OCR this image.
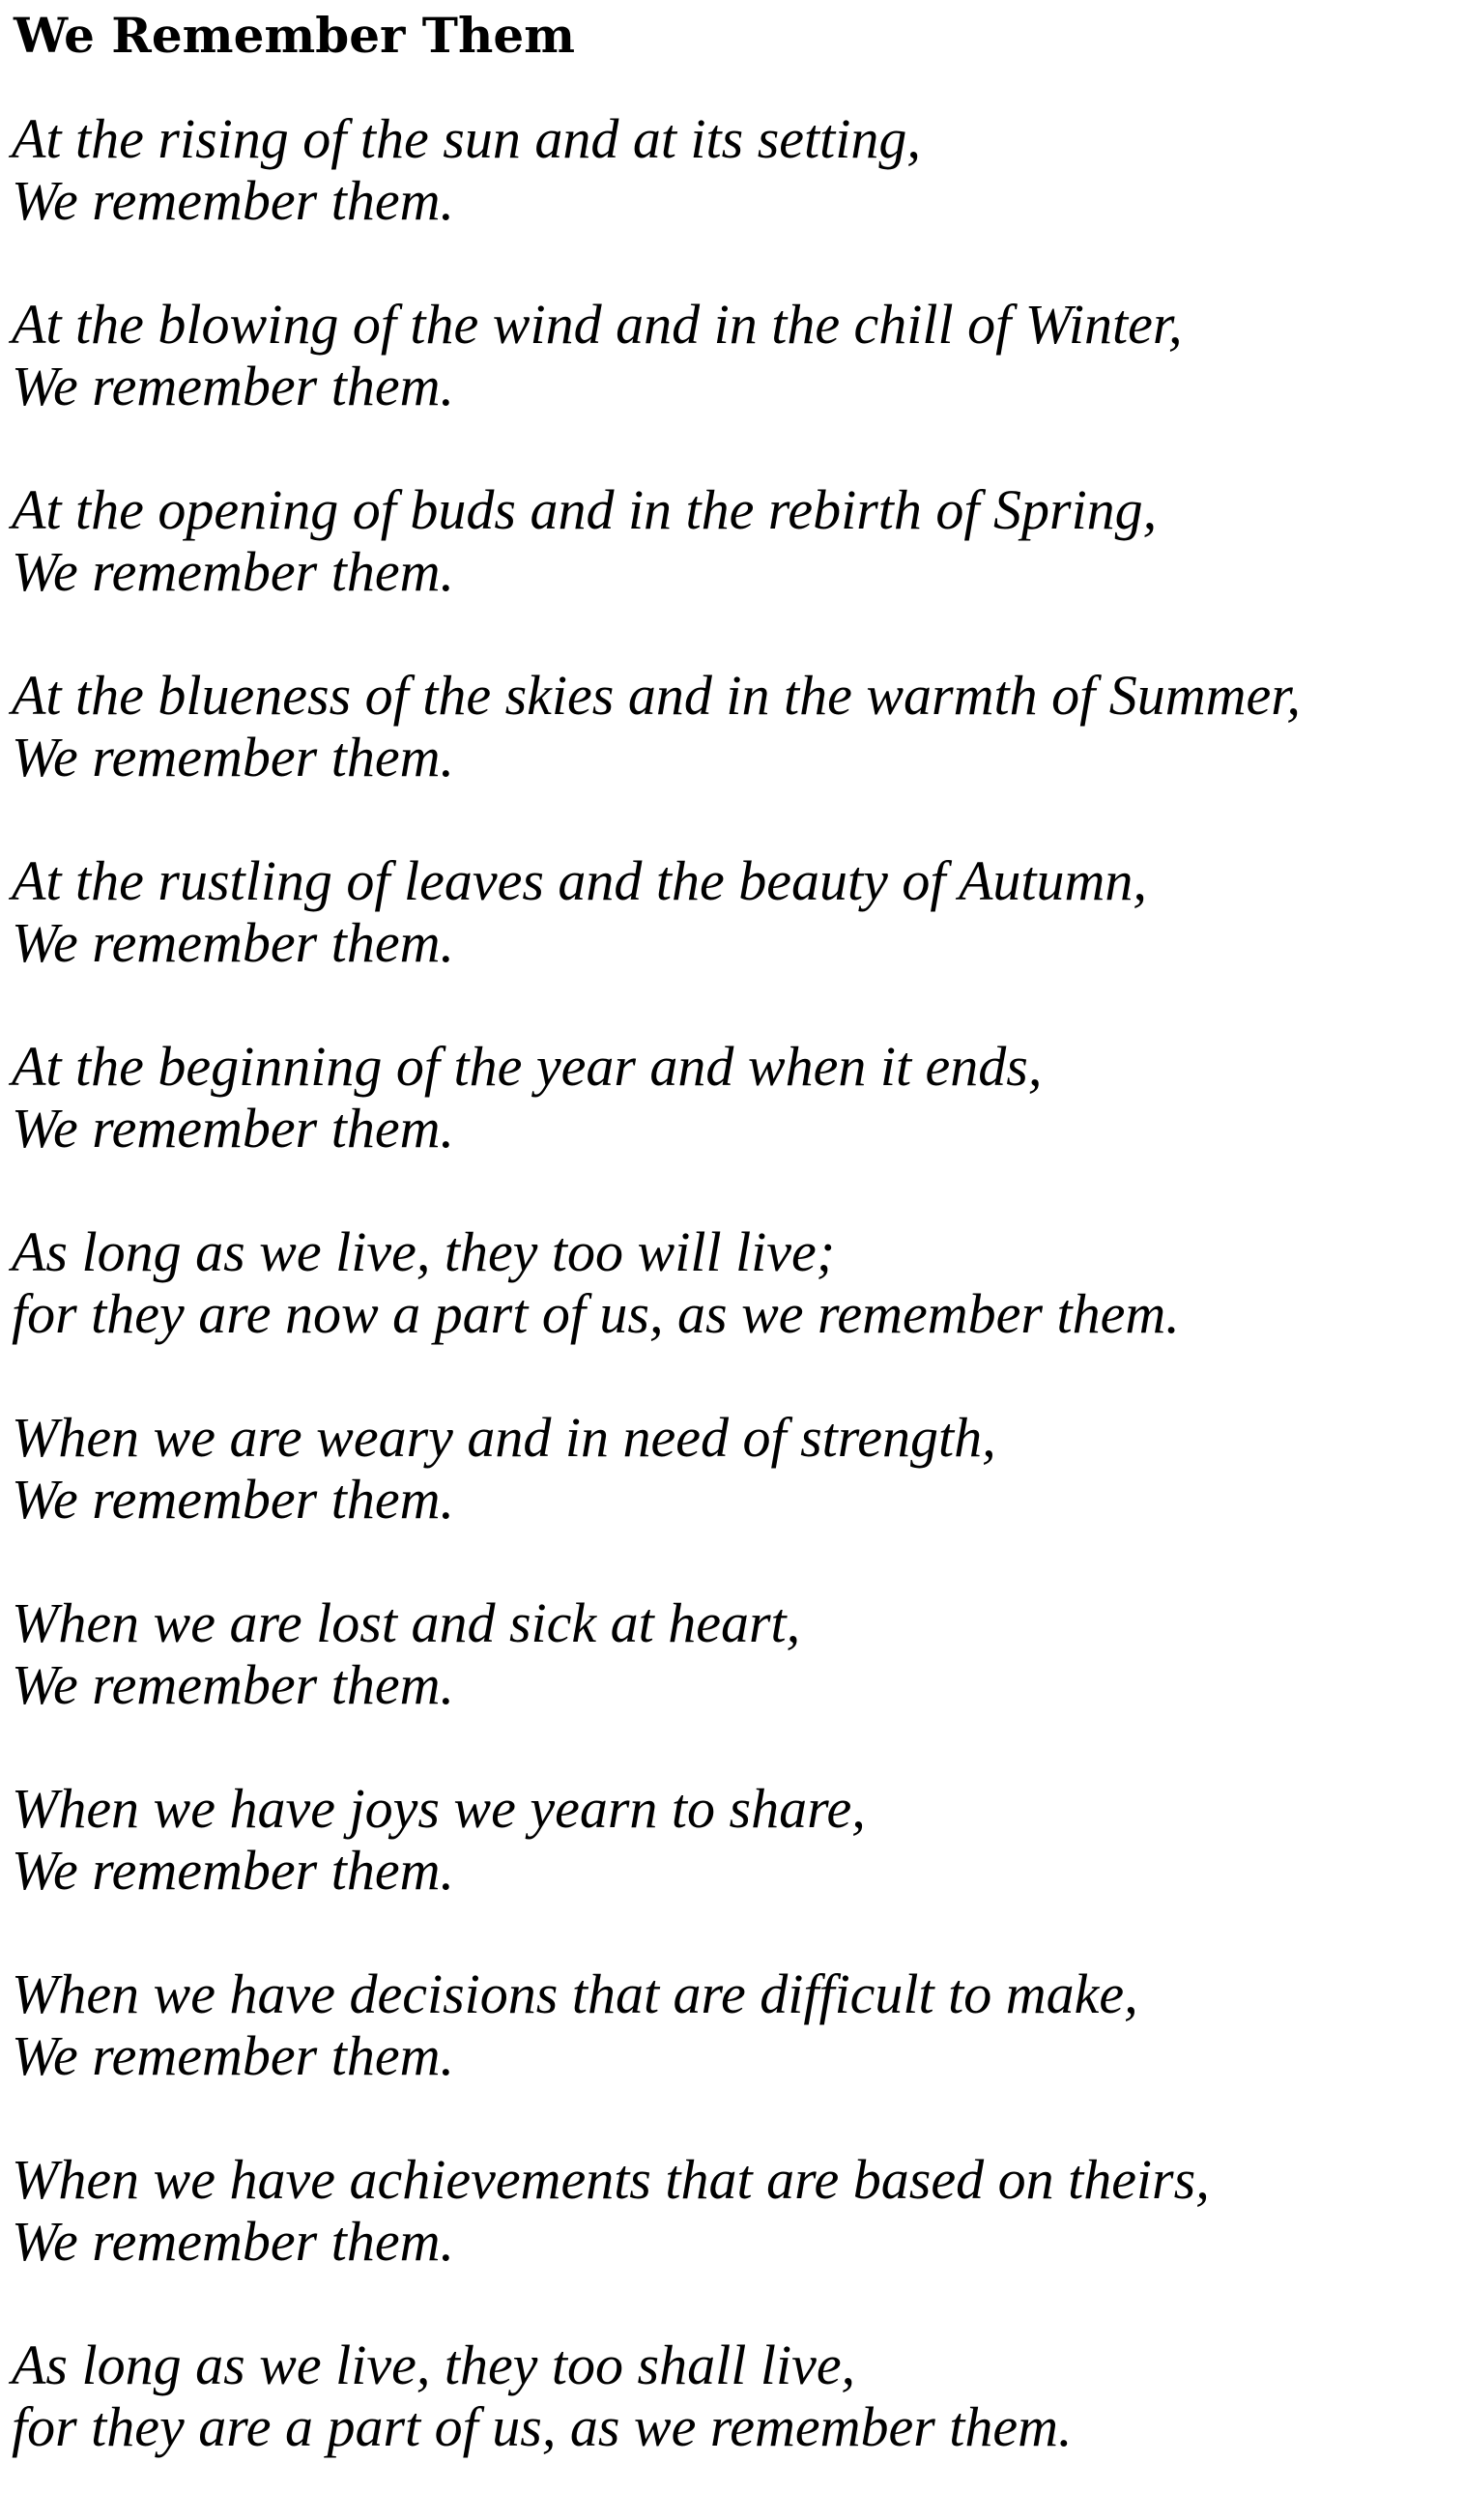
We Remember Them
At the rising of the sun and at its setting,
We remember them.
At the blowing of the wind and in the chill of Winter,
We remember them.
At the opening of buds and in the rebirth of Spring,
We remember them.
At the blueness of the skies and in the warmth of Summer,
We remember them.
At the rustling of leaves and the beauty of Autumn,
We remember them.
At the beginning of the year and when it ends,
We remember them.
As long as we live, they too will live;
for they are now a part of us, as we remember them.
When we are weary and in need of strength,
We remember them.
When we are lost and sick at heart,
We remember them.
When we have joys we yearn to share,
We remember them.
When we have decisions that are difficult to make,
We remember them.
When we have achievements that are based on theirs,
We remember them.
As long as we live, they too shall live,
for they are a part of us, as we remember them.
